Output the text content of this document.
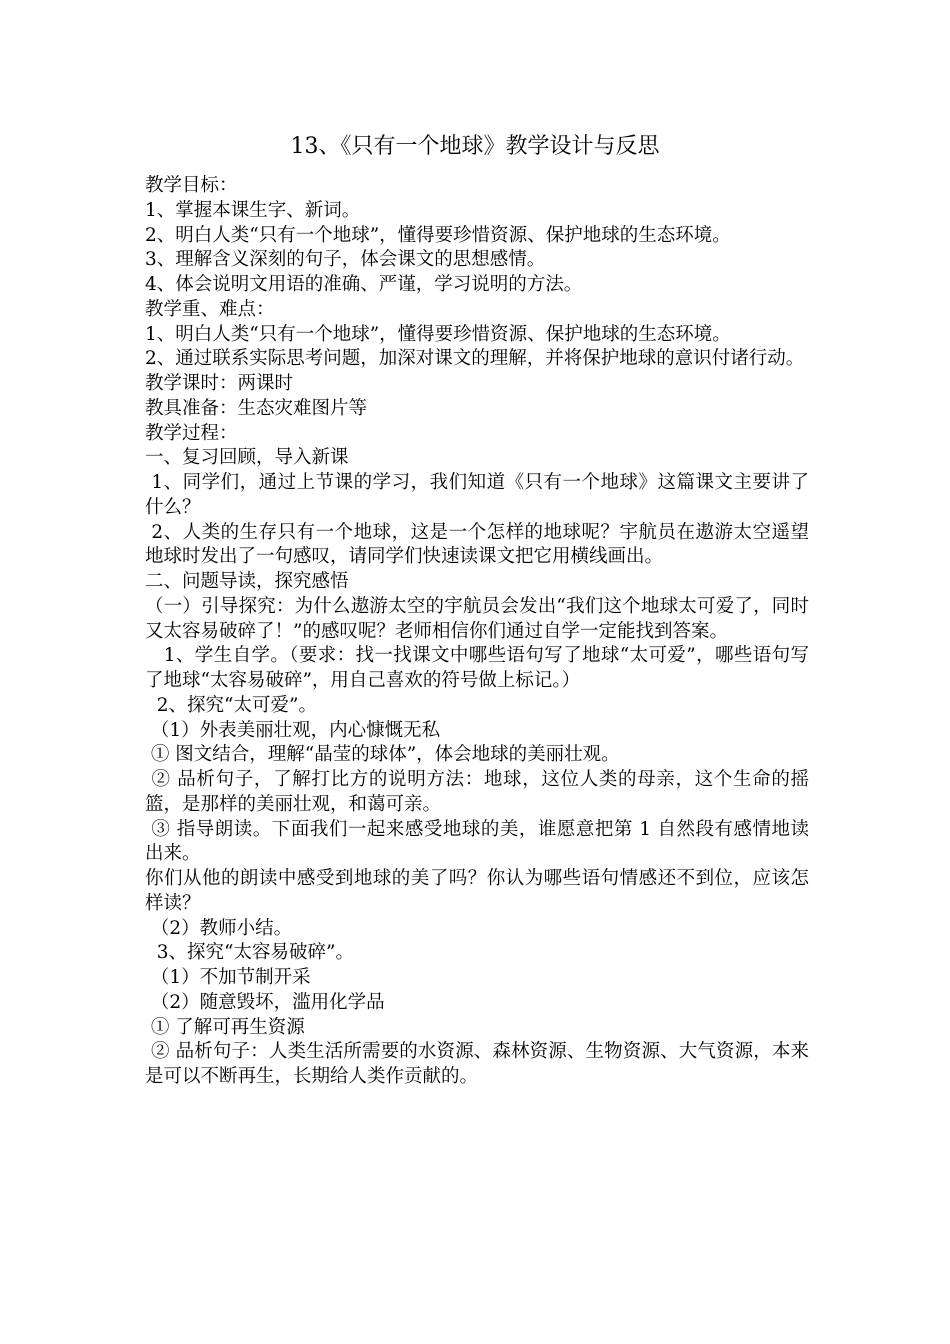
13、《只有一个地球》教学设计与反思

教学目标：

1、掌握本课生字、新词。

2、明白人类“只有一个地球”，懂得要珍惜资源、保护地球的生态环境。

3、理解含义深刻的句子，体会课文的思想感情。

4、体会说明文用语的准确、严谨，学习说明的方法。

教学重、难点：

1、明白人类“只有一个地球”，懂得要珍惜资源、保护地球的生态环境。

2、通过联系实际思考问题，加深对课文的理解，并将保护地球的意识付诸行动。

教学课时：两课时

教具准备：生态灾难图片等

教学过程：

一、复习回顾，导入新课

1、同学们，通过上节课的学习，我们知道《只有一个地球》这篇课文主要讲了什么？

2、人类的生存只有一个地球，这是一个怎样的地球呢？宇航员在遨游太空遥望地球时发出了一句感叹，请同学们快速读课文把它用横线画出。

二、问题导读，探究感悟

（一）引导探究：为什么遨游太空的宇航员会发出“我们这个地球太可爱了，同时又太容易破碎了！”的感叹呢？老师相信你们通过自学一定能找到答案。

1、学生自学。（要求：找一找课文中哪些语句写了地球“太可爱”，哪些语句写了地球“太容易破碎”，用自己喜欢的符号做上标记。）

2、探究“太可爱”。

（1）外表美丽壮观，内心慷慨无私

① 图文结合，理解“晶莹的球体”，体会地球的美丽壮观。

② 品析句子，了解打比方的说明方法：地球，这位人类的母亲，这个生命的摇篮，是那样的美丽壮观，和蔼可亲。

③ 指导朗读。下面我们一起来感受地球的美，谁愿意把第 1 自然段有感情地读出来。

你们从他的朗读中感受到地球的美了吗？你认为哪些语句情感还不到位，应该怎样读？

（2）教师小结。

3、探究“太容易破碎”。

（1）不加节制开采

（2）随意毁坏，滥用化学品

① 了解可再生资源

② 品析句子：人类生活所需要的水资源、森林资源、生物资源、大气资源，本来是可以不断再生，长期给人类作贡献的。
